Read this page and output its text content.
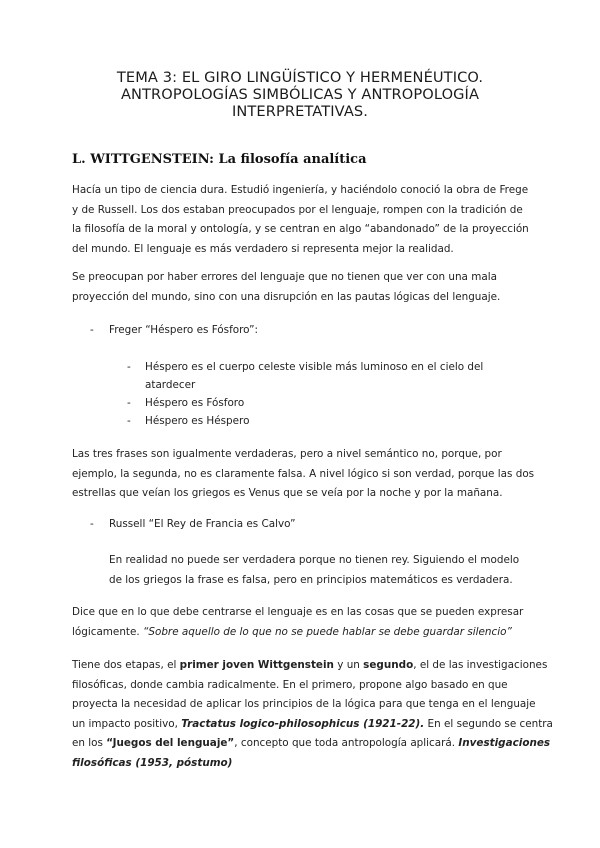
TEMA 3: EL GIRO LINGÜÍSTICO Y HERMENÉUTICO.
ANTROPOLOGÍAS SIMBÓLICAS Y ANTROPOLOGÍA
INTERPRETATIVAS.
L. WITTGENSTEIN: La filosofía analítica
Hacía un tipo de ciencia dura. Estudió ingeniería, y haciéndolo conoció la obra de Frege
y de Russell. Los dos estaban preocupados por el lenguaje, rompen con la tradición de
la filosofía de la moral y ontología, y se centran en algo “abandonado” de la proyección
del mundo. El lenguaje es más verdadero si representa mejor la realidad.
Se preocupan por haber errores del lenguaje que no tienen que ver con una mala
proyección del mundo, sino con una disrupción en las pautas lógicas del lenguaje.
- Freger “Héspero es Fósforo”:
- Héspero es el cuerpo celeste visible más luminoso en el cielo del
atardecer
- Héspero es Fósforo
- Héspero es Héspero
Las tres frases son igualmente verdaderas, pero a nivel semántico no, porque, por
ejemplo, la segunda, no es claramente falsa. A nivel lógico si son verdad, porque las dos
estrellas que veían los griegos es Venus que se veía por la noche y por la mañana.
- Russell “El Rey de Francia es Calvo”
En realidad no puede ser verdadera porque no tienen rey. Siguiendo el modelo
de los griegos la frase es falsa, pero en principios matemáticos es verdadera.
Dice que en lo que debe centrarse el lenguaje es en las cosas que se pueden expresar
lógicamente. “Sobre aquello de lo que no se puede hablar se debe guardar silencio”
Tiene dos etapas, el primer joven Wittgenstein y un segundo, el de las investigaciones
filosóficas, donde cambia radicalmente. En el primero, propone algo basado en que
proyecta la necesidad de aplicar los principios de la lógica para que tenga en el lenguaje
un impacto positivo, Tractatus logico-philosophicus (1921-22). En el segundo se centra
en los “Juegos del lenguaje”, concepto que toda antropología aplicará. Investigaciones
filosóficas (1953, póstumo)
